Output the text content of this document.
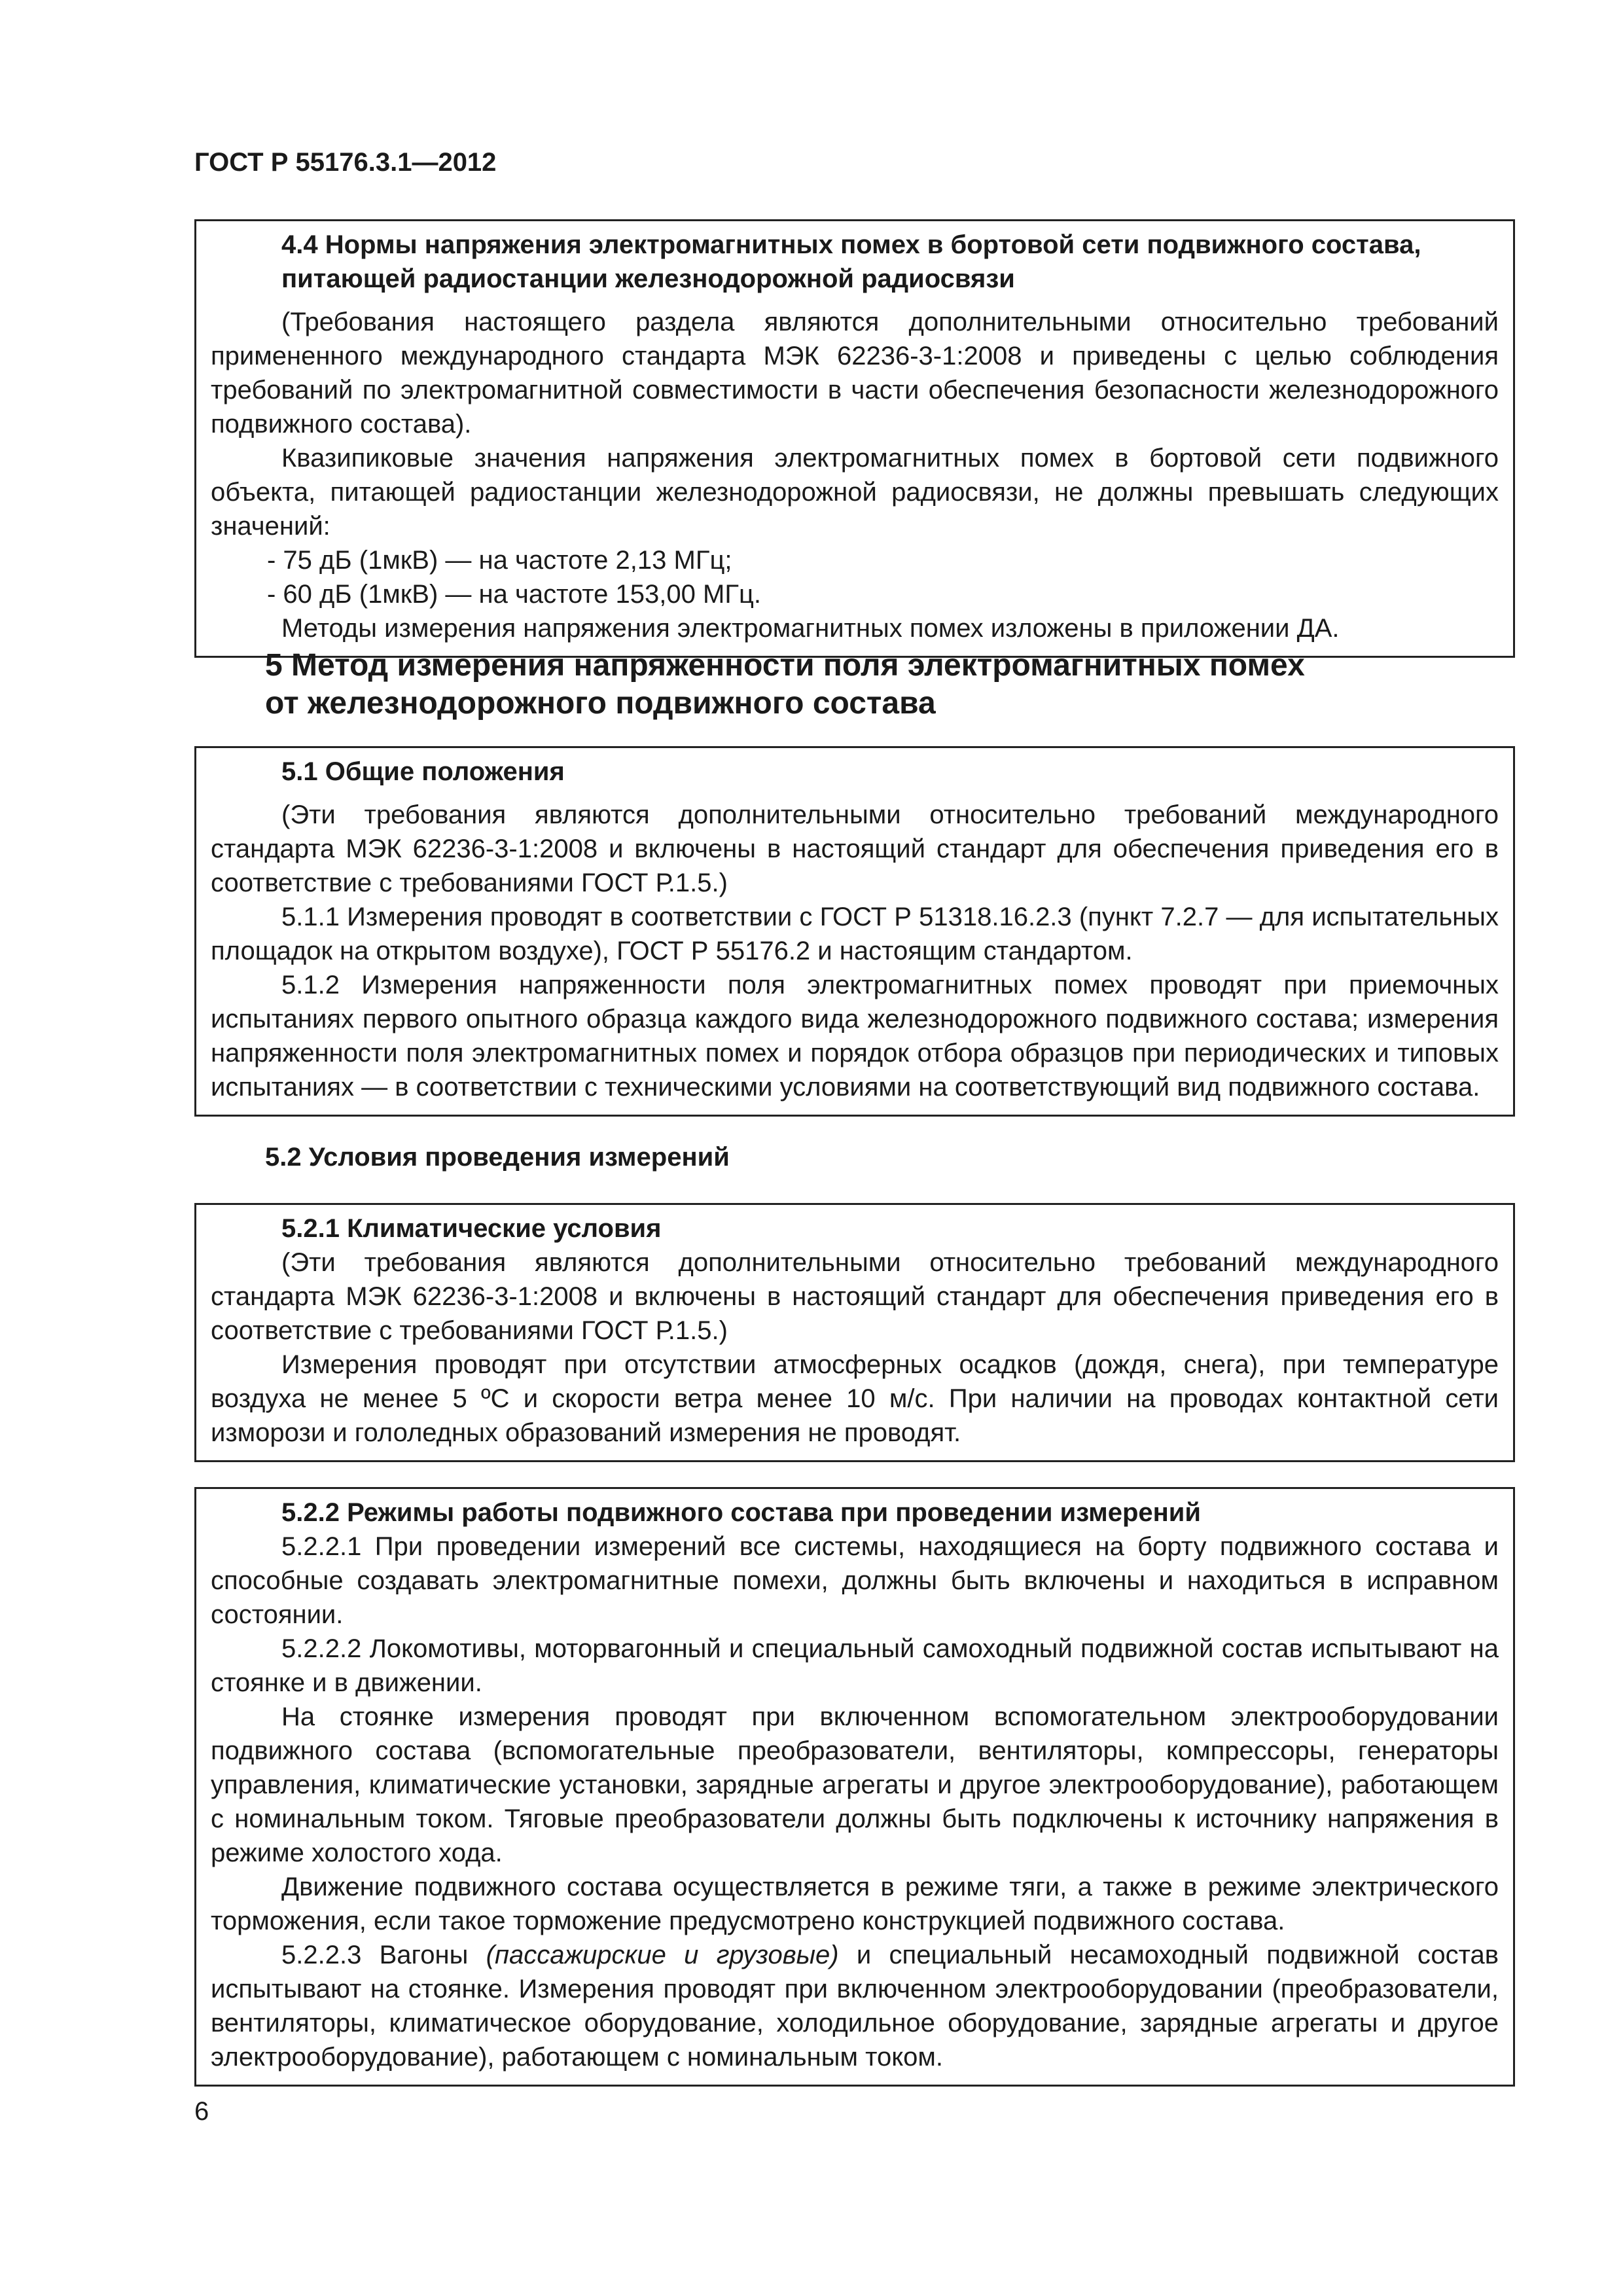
ГОСТ Р 55176.3.1—2012

4.4 Нормы напряжения электромагнитных помех в бортовой сети подвижного состава,

питающей радиостанции железнодорожной радиосвязи

(Требования настоящего раздела являются дополнительными относительно требований примененного международного стандарта МЭК 62236-3-1:2008 и приведены с целью соблюдения требований по электромагнитной совместимости в части обеспечения безопасности железнодорожного подвижного состава).

Квазипиковые значения напряжения электромагнитных помех в бортовой сети подвижного объекта, питающей радиостанции железнодорожной радиосвязи, не должны превышать следующих значений:

- 75 дБ (1мкВ) — на частоте 2,13 МГц;

- 60 дБ (1мкВ) — на частоте 153,00 МГц.

Методы измерения напряжения электромагнитных помех изложены в приложении ДА.

5 Метод измерения напряженности поля электромагнитных помех
от железнодорожного подвижного состава

5.1 Общие положения

(Эти требования являются дополнительными относительно требований международного стандарта МЭК 62236-3-1:2008 и включены в настоящий стандарт для обеспечения приведения его в соответствие с требованиями ГОСТ Р.1.5.)

5.1.1 Измерения проводят в соответствии с ГОСТ Р 51318.16.2.3 (пункт 7.2.7 — для испытательных площадок на открытом воздухе), ГОСТ Р 55176.2 и настоящим стандартом.

5.1.2 Измерения напряженности поля электромагнитных помех проводят при приемочных испытаниях первого опытного образца каждого вида железнодорожного подвижного состава; измерения напряженности поля электромагнитных помех и порядок отбора образцов при периодических и типовых испытаниях — в соответствии с техническими условиями на соответствующий вид подвижного состава.

5.2 Условия проведения измерений

5.2.1 Климатические условия

(Эти требования являются дополнительными относительно требований международного стандарта МЭК 62236-3-1:2008 и включены в настоящий стандарт для обеспечения приведения его в соответствие с требованиями ГОСТ Р.1.5.)

Измерения проводят при отсутствии атмосферных осадков (дождя, снега), при температуре воздуха не менее 5 ºС и скорости ветра менее 10 м/с. При наличии на проводах контактной сети изморози и гололедных образований измерения не проводят.

5.2.2 Режимы работы подвижного состава при проведении измерений

5.2.2.1 При проведении измерений все системы, находящиеся на борту подвижного состава и способные создавать электромагнитные помехи, должны быть включены и находиться в исправном состоянии.

5.2.2.2 Локомотивы, моторвагонный и специальный самоходный подвижной состав испытывают на стоянке и в движении.

На стоянке измерения проводят при включенном вспомогательном электрооборудовании подвижного состава (вспомогательные преобразователи, вентиляторы, компрессоры, генераторы управления, климатические установки, зарядные агрегаты и другое электрооборудование), работающем с номинальным током. Тяговые преобразователи должны быть подключены к источнику напряжения в режиме холостого хода.

Движение подвижного состава осуществляется в режиме тяги, а также в режиме электрического торможения, если такое торможение предусмотрено конструкцией подвижного состава.

5.2.2.3 Вагоны (пассажирские и грузовые) и специальный несамоходный подвижной состав испытывают на стоянке. Измерения проводят при включенном электрооборудовании (преобразователи, вентиляторы, климатическое оборудование, холодильное оборудование, зарядные агрегаты и другое электрооборудование), работающем с номинальным током.

6
